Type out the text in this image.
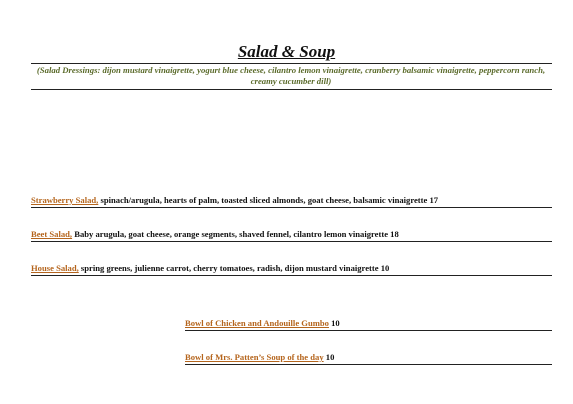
Salad & Soup
(Salad Dressings: dijon mustard vinaigrette, yogurt blue cheese, cilantro lemon vinaigrette, cranberry balsamic vinaigrette, peppercorn ranch, creamy cucumber dill)
Strawberry Salad, spinach/arugula, hearts of palm, toasted sliced almonds, goat cheese, balsamic vinaigrette 17
Beet Salad, Baby arugula, goat cheese, orange segments, shaved fennel, cilantro lemon vinaigrette 18
House Salad, spring greens, julienne carrot, cherry tomatoes, radish, dijon mustard vinaigrette 10
Bowl of Chicken and Andouille Gumbo 10
Bowl of Mrs. Patten’s Soup of the day 10
